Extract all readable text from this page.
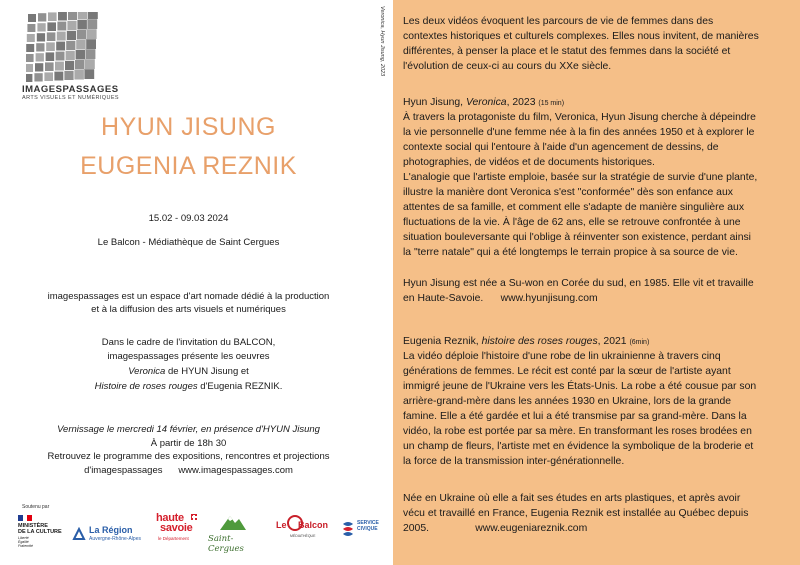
IMAGESPASSAGES
ARTS VISUELS ET NUMÉRIQUES
HYUN JISUNG
EUGENIA REZNIK
15.02 - 09.03 2024
Le Balcon - Médiathèque de Saint Cergues
imagespassages est un espace d'art nomade dédié à la production
et à la diffusion des arts visuels et numériques
Dans le cadre de l'invitation du BALCON,
imagespassages présente les oeuvres
Veronica de HYUN Jisung et
Histoire de roses rouges d'Eugenia REZNIK.
Vernissage le mercredi 14 février, en présence d'HYUN Jisung
À partir de 18h 30
Retrouvez le programme des expositions, rencontres et projections
d'imagespassages      www.imagespassages.com
Soutenu par
MINISTÈRE
DE LA CULTURE
Liberté
Égalité
Fraternité
La Région
Auvergne-Rhône-Alpes
haute
savoie
le Département Saint-Cergues
Le Balcon
MÉDIATHÈQUE
SERVICE
CIVIQUE
Veronica, Hyun Jisung, 2023 Les deux vidéos évoquent les parcours de vie de femmes dans des
contextes historiques et culturels complexes. Elles nous invitent, de manières
différentes, à penser la place et le statut des femmes dans la société et
l'évolution de ceux-ci au cours du XXe siècle.
Hyun Jisung, Veronica, 2023 (15 min)
À travers la protagoniste du film, Veronica, Hyun Jisung cherche à dépeindre
la vie personnelle d'une femme née à la fin des années 1950 et à explorer le
contexte social qui l'entoure à l'aide d'un agencement de dessins, de
photographies, de vidéos et de documents historiques.
L'analogie que l'artiste emploie, basée sur la stratégie de survie d'une plante,
illustre la manière dont Veronica s'est "conformée" dès son enfance aux
attentes de sa famille, et comment elle s'adapte de manière singulière aux
fluctuations de la vie. À l'âge de 62 ans, elle se retrouve confrontée à une
situation bouleversante qui l'oblige à réinventer son existence, perdant ainsi
la "terre natale" qui a été longtemps le terrain propice à sa source de vie.
Hyun Jisung est née a Su-won en Corée du sud, en 1985. Elle vit et travaille
en Haute-Savoie.      www.hyunjisung.com
Eugenia Reznik, histoire des roses rouges, 2021 (6min)
La vidéo déploie l'histoire d'une robe de lin ukrainienne à travers cinq
générations de femmes. Le récit est conté par la sœur de l'artiste ayant
immigré jeune de l'Ukraine vers les États-Unis. La robe a été cousue par son
arrière-grand-mère dans les années 1930 en Ukraine, lors de la grande
famine. Elle a été gardée et lui a été transmise par sa grand-mère. Dans la
vidéo, la robe est portée par sa mère. En transformant les roses brodées en
un champ de fleurs, l'artiste met en évidence la symbolique de la broderie et
la force de la transmission inter-générationnelle.
Née en Ukraine où elle a fait ses études en arts plastiques, et après avoir
vécu et travaillé en France, Eugenia Reznik est installée au Québec depuis
2005.                www.eugeniareznik.com
